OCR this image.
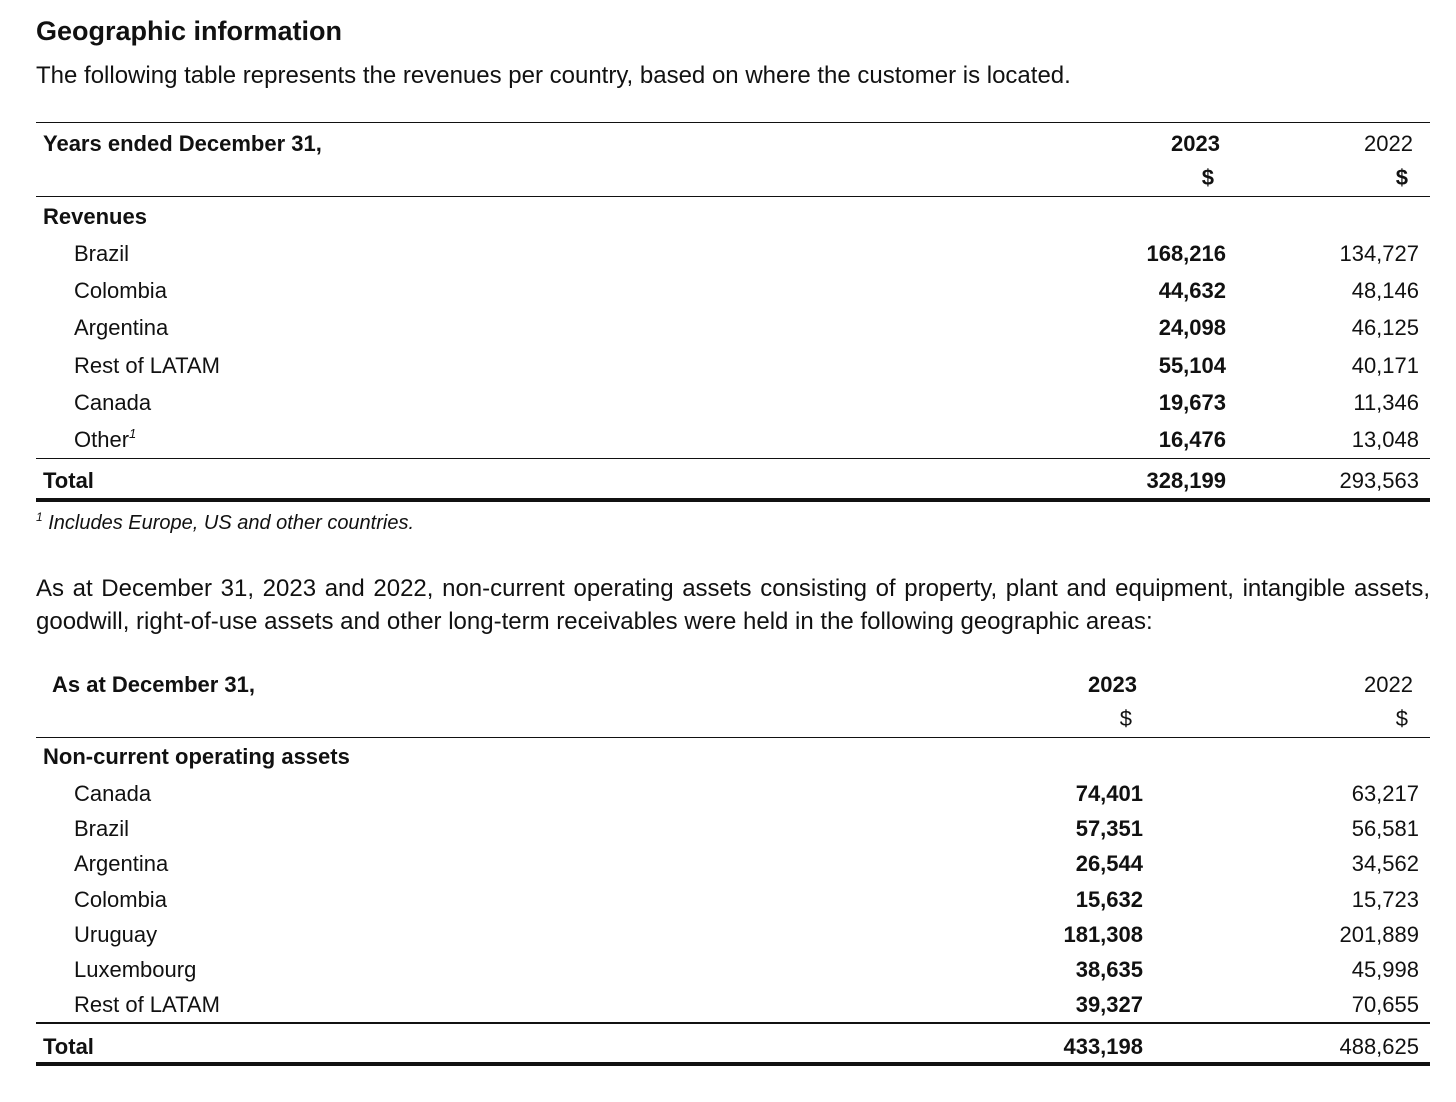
Geographic information
The following table represents the revenues per country, based on where the customer is located.
Years ended December 31,	2023	2022
$	$
Revenues
Brazil	168,216	134,727
Colombia	44,632	48,146
Argentina	24,098	46,125
Rest of LATAM	55,104	40,171
Canada	19,673	11,346
Other$^1$	16,476	13,048
Total	328,199	293,563
$^1$ Includes Europe, US and other countries.
As at December 31, 2023 and 2022, non-current operating assets consisting of property, plant and equipment, intangible assets, goodwill, right-of-use assets and other long-term receivables were held in the following geographic areas:
As at December 31,	2023	2022
$	$
Non-current operating assets
Canada	74,401	63,217
Brazil	57,351	56,581
Argentina	26,544	34,562
Colombia	15,632	15,723
Uruguay	181,308	201,889
Luxembourg	38,635	45,998
Rest of LATAM	39,327	70,655
Total	433,198	488,625
